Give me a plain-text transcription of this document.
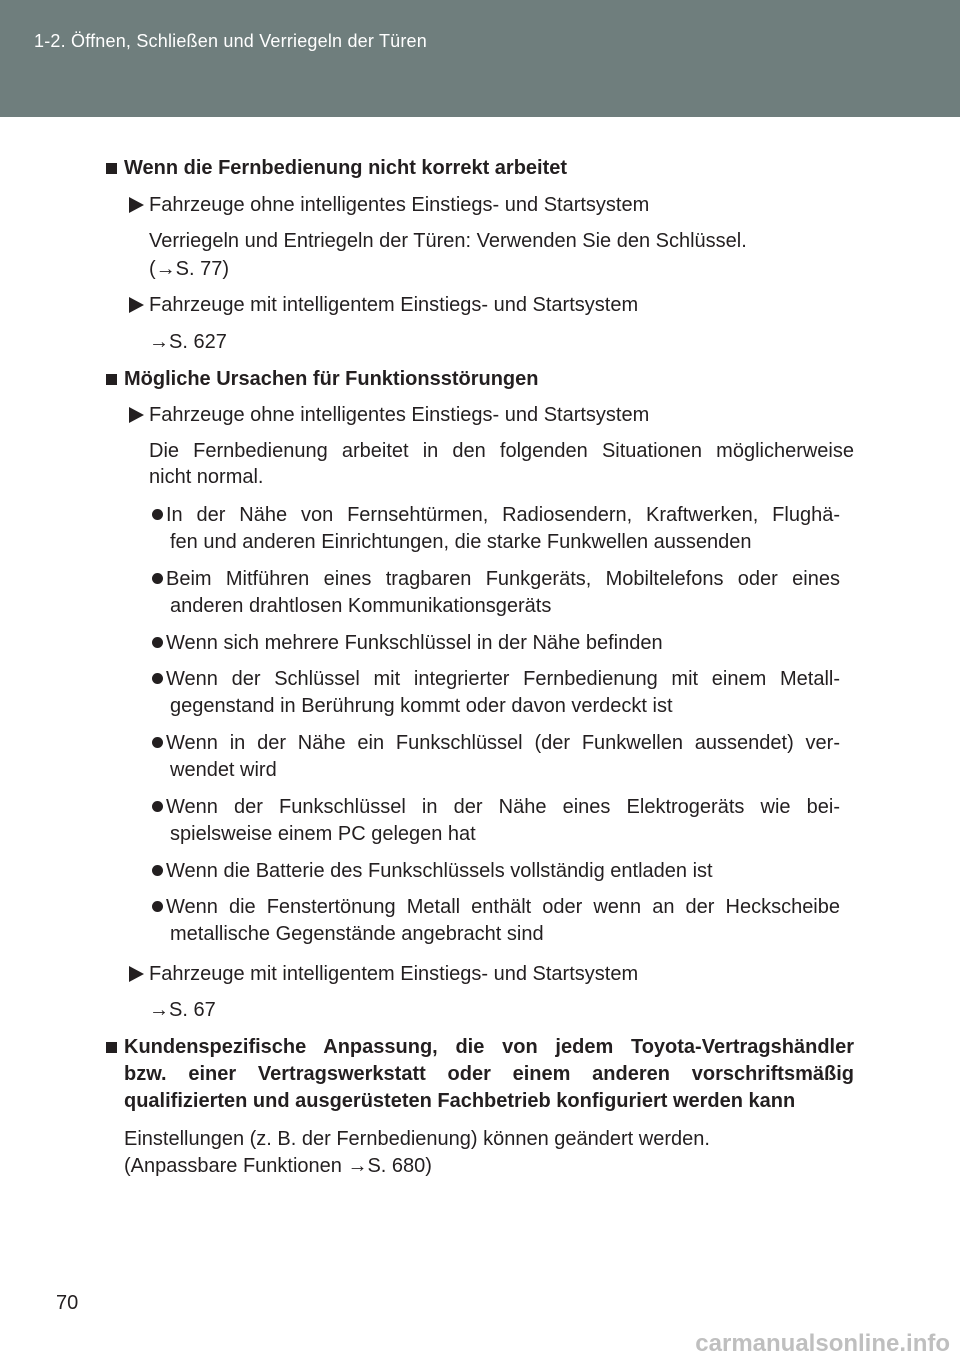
1-2. Öffnen, Schließen und Verriegeln der Türen
Wenn die Fernbedienung nicht korrekt arbeitet
Fahrzeuge ohne intelligentes Einstiegs- und Startsystem
Verriegeln und Entriegeln der Türen: Verwenden Sie den Schlüssel.
(→S. 77)
Fahrzeuge mit intelligentem Einstiegs- und Startsystem
→S. 627
Mögliche Ursachen für Funktionsstörungen
Fahrzeuge ohne intelligentes Einstiegs- und Startsystem
Die Fernbedienung arbeitet in den folgenden Situationen möglicherweise
nicht normal.
In der Nähe von Fernsehtürmen, Radiosendern, Kraftwerken, Flughä-
fen und anderen Einrichtungen, die starke Funkwellen aussenden
Beim Mitführen eines tragbaren Funkgeräts, Mobiltelefons oder eines
anderen drahtlosen Kommunikationsgeräts
Wenn sich mehrere Funkschlüssel in der Nähe befinden
Wenn der Schlüssel mit integrierter Fernbedienung mit einem Metall-
gegenstand in Berührung kommt oder davon verdeckt ist
Wenn in der Nähe ein Funkschlüssel (der Funkwellen aussendet) ver-
wendet wird
Wenn der Funkschlüssel in der Nähe eines Elektrogeräts wie bei-
spielsweise einem PC gelegen hat
Wenn die Batterie des Funkschlüssels vollständig entladen ist
Wenn die Fenstertönung Metall enthält oder wenn an der Heckscheibe
metallische Gegenstände angebracht sind
Fahrzeuge mit intelligentem Einstiegs- und Startsystem
→S. 67
Kundenspezifische Anpassung, die von jedem Toyota-Vertragshändler
bzw. einer Vertragswerkstatt oder einem anderen vorschriftsmäßig
qualifizierten und ausgerüsteten Fachbetrieb konfiguriert werden kann
Einstellungen (z. B. der Fernbedienung) können geändert werden.
(Anpassbare Funktionen →S. 680)
70
carmanualsonline.info
